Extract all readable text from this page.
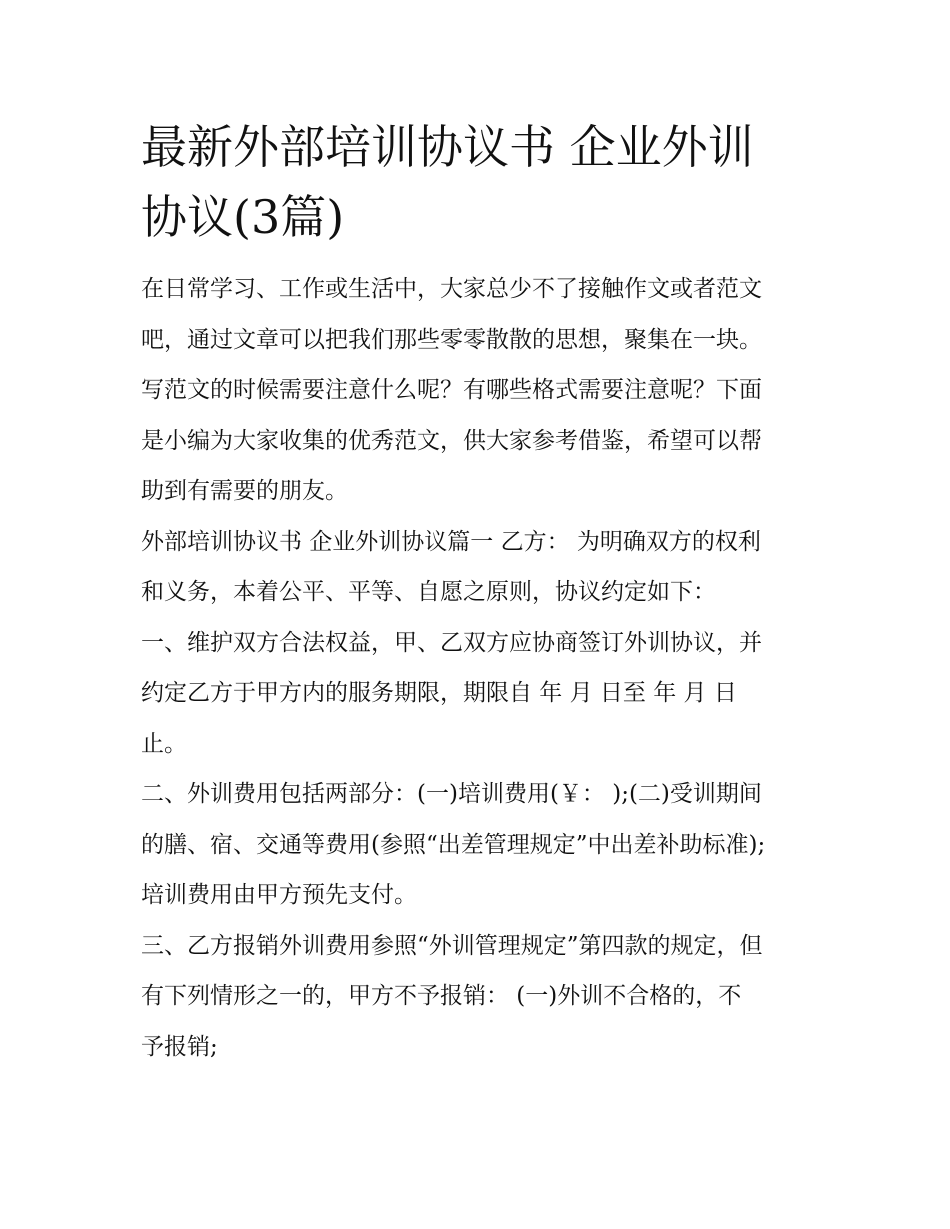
最新外部培训协议书 企业外训
协议(3篇)

在日常学习、工作或生活中，大家总少不了接触作文或者范文
吧，通过文章可以把我们那些零零散散的思想，聚集在一块。
写范文的时候需要注意什么呢？有哪些格式需要注意呢？下面
是小编为大家收集的优秀范文，供大家参考借鉴，希望可以帮
助到有需要的朋友。

外部培训协议书 企业外训协议篇一 乙方： 为明确双方的权利
和义务，本着公平、平等、自愿之原则，协议约定如下：

一、维护双方合法权益，甲、乙双方应协商签订外训协议，并
约定乙方于甲方内的服务期限，期限自 年 月 日至 年 月 日
止。

二、外训费用包括两部分：(一)培训费用(￥： );(二)受训期间
的膳、宿、交通等费用(参照“出差管理规定”中出差补助标准);
培训费用由甲方预先支付。

三、乙方报销外训费用参照“外训管理规定”第四款的规定，但
有下列情形之一的，甲方不予报销： (一)外训不合格的，不
予报销;
